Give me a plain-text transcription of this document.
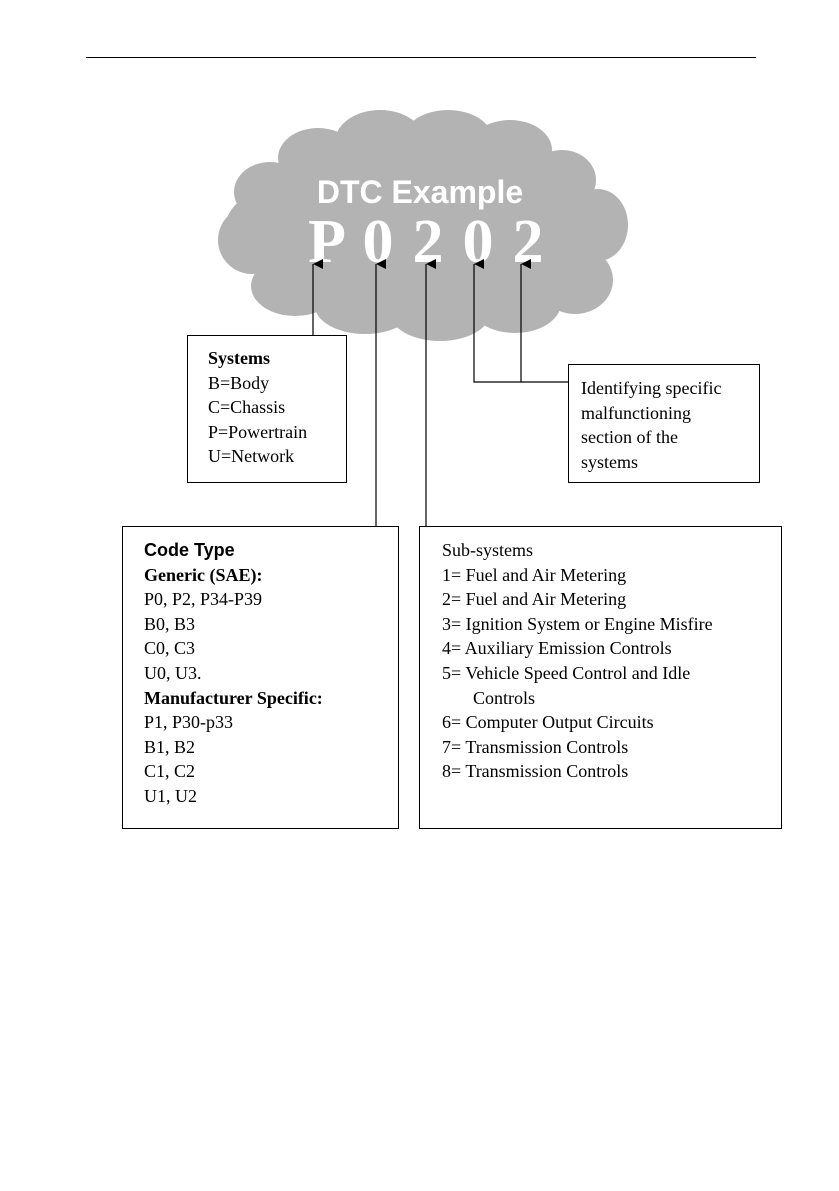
DTC Example
P 0 2 0 2
Systems
B=Body
C=Chassis
P=Powertrain
U=Network
Identifying specific
malfunctioning
section of the
systems
Code Type
Generic (SAE):
P0, P2, P34-P39
B0, B3
C0, C3
U0, U3.
Manufacturer Specific:
P1, P30-p33
B1, B2
C1, C2
U1, U2
Sub-systems
1= Fuel and Air Metering
2= Fuel and Air Metering
3= Ignition System or Engine Misfire
4= Auxiliary Emission Controls
5= Vehicle Speed Control and Idle
Controls
6= Computer Output Circuits
7= Transmission Controls
8= Transmission Controls
